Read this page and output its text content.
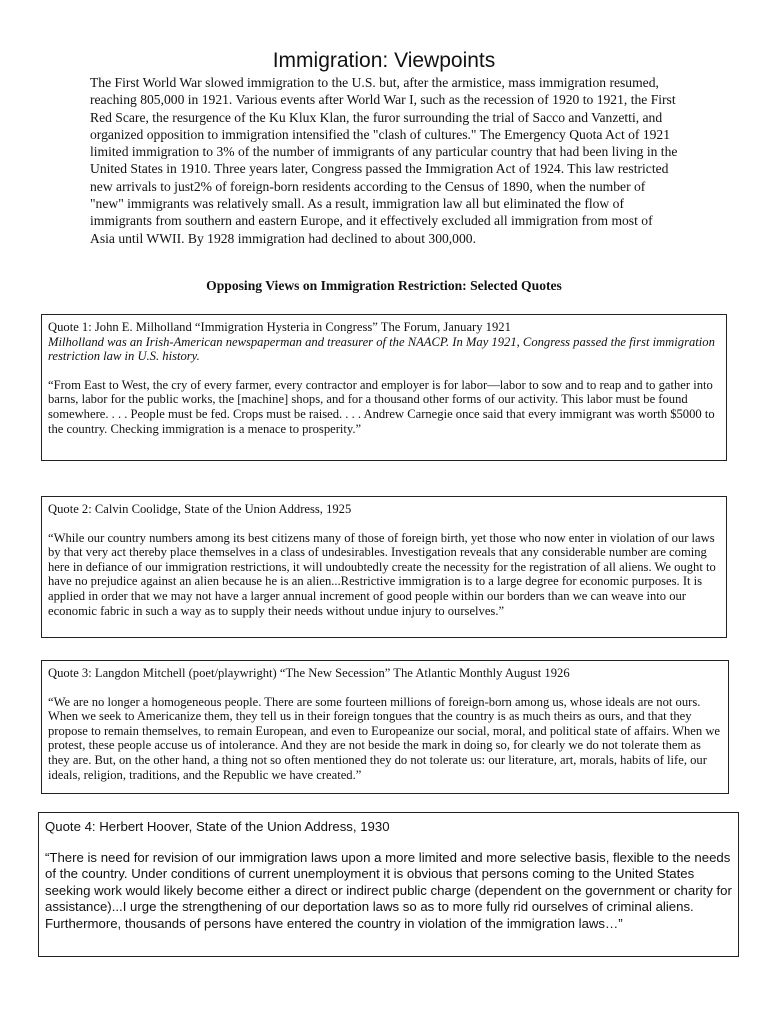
Immigration: Viewpoints

The First World War slowed immigration to the U.S. but, after the armistice, mass immigration resumed, reaching 805,000 in 1921. Various events after World War I, such as the recession of 1920 to 1921, the First Red Scare, the resurgence of the Ku Klux Klan, the furor surrounding the trial of Sacco and Vanzetti, and organized opposition to immigration intensified the "clash of cultures." The Emergency Quota Act of 1921 limited immigration to 3% of the number of immigrants of any particular country that had been living in the United States in 1910. Three years later, Congress passed the Immigration Act of 1924. This law restricted new arrivals to just2% of foreign-born residents according to the Census of 1890, when the number of "new" immigrants was relatively small. As a result, immigration law all but eliminated the flow of immigrants from southern and eastern Europe, and it effectively excluded all immigration from most of Asia until WWII. By 1928 immigration had declined to about 300,000.

Opposing Views on Immigration Restriction: Selected Quotes

Quote 1: John E. Milholland “Immigration Hysteria in Congress” The Forum, January 1921

Milholland was an Irish-American newspaperman and treasurer of the NAACP. In May 1921, Congress passed the first immigration restriction law in U.S. history.

“From East to West, the cry of every farmer, every contractor and employer is for labor—labor to sow and to reap and to gather into barns, labor for the public works, the [machine] shops, and for a thousand other forms of our activity. This labor must be found somewhere. . . . People must be fed. Crops must be raised. . . . Andrew Carnegie once said that every immigrant was worth $5000 to the country. Checking immigration is a menace to prosperity.”

Quote 2: Calvin Coolidge, State of the Union Address, 1925

“While our country numbers among its best citizens many of those of foreign birth, yet those who now enter in violation of our laws by that very act thereby place themselves in a class of undesirables. Investigation reveals that any considerable number are coming here in defiance of our immigration restrictions, it will undoubtedly create the necessity for the registration of all aliens. We ought to have no prejudice against an alien because he is an alien...Restrictive immigration is to a large degree for economic purposes. It is applied in order that we may not have a larger annual increment of good people within our borders than we can weave into our economic fabric in such a way as to supply their needs without undue injury to ourselves.”

Quote 3: Langdon Mitchell (poet/playwright) “The New Secession” The Atlantic Monthly August 1926

“We are no longer a homogeneous people. There are some fourteen millions of foreign-born among us, whose ideals are not ours. When we seek to Americanize them, they tell us in their foreign tongues that the country is as much theirs as ours, and that they propose to remain themselves, to remain European, and even to Europeanize our social, moral, and political state of affairs. When we protest, these people accuse us of intolerance. And they are not beside the mark in doing so, for clearly we do not tolerate them as they are. But, on the other hand, a thing not so often mentioned they do not tolerate us: our literature, art, morals, habits of life, our ideals, religion, traditions, and the Republic we have created.”

Quote 4: Herbert Hoover, State of the Union Address, 1930

“There is need for revision of our immigration laws upon a more limited and more selective basis, flexible to the needs of the country. Under conditions of current unemployment it is obvious that persons coming to the United States seeking work would likely become either a direct or indirect public charge (dependent on the government or charity for assistance)...I urge the strengthening of our deportation laws so as to more fully rid ourselves of criminal aliens. Furthermore, thousands of persons have entered the country in violation of the immigration laws…”
